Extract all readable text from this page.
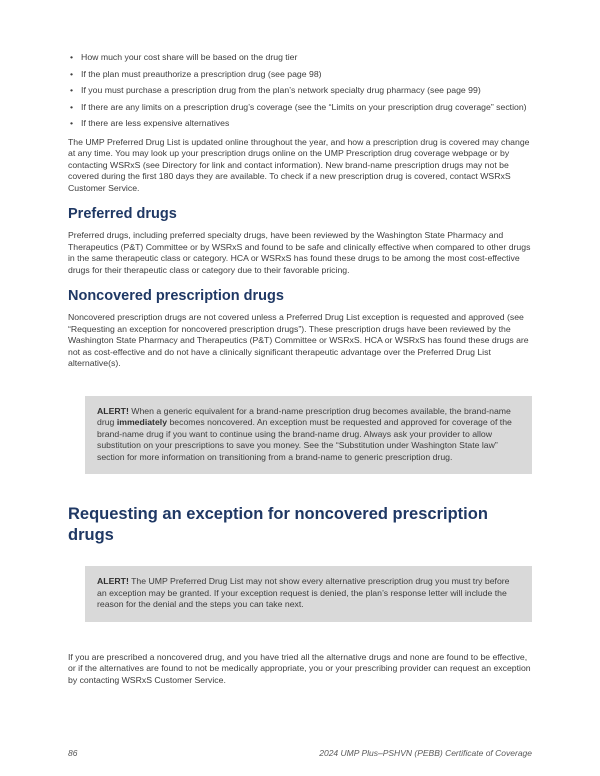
• How much your cost share will be based on the drug tier
• If the plan must preauthorize a prescription drug (see page 98)
• If you must purchase a prescription drug from the plan’s network specialty drug pharmacy (see page 99)
• If there are any limits on a prescription drug’s coverage (see the “Limits on your prescription drug coverage” section)
• If there are less expensive alternatives

The UMP Preferred Drug List is updated online throughout the year, and how a prescription drug is covered may change at any time. You may look up your prescription drugs online on the UMP Prescription drug coverage webpage or by contacting WSRxS (see Directory for link and contact information). New brand-name prescription drugs may not be covered during the first 180 days they are available. To check if a new prescription drug is covered, contact WSRxS Customer Service.

Preferred drugs

Preferred drugs, including preferred specialty drugs, have been reviewed by the Washington State Pharmacy and Therapeutics (P&T) Committee or by WSRxS and found to be safe and clinically effective when compared to other drugs in the same therapeutic class or category. HCA or WSRxS has found these drugs to be among the most cost-effective drugs for their therapeutic class or category due to their favorable pricing.

Noncovered prescription drugs

Noncovered prescription drugs are not covered unless a Preferred Drug List exception is requested and approved (see “Requesting an exception for noncovered prescription drugs”). These prescription drugs have been reviewed by the Washington State Pharmacy and Therapeutics (P&T) Committee or WSRxS. HCA or WSRxS has found these drugs are not as cost-effective and do not have a clinically significant therapeutic advantage over the Preferred Drug List alternative(s).

ALERT! When a generic equivalent for a brand-name prescription drug becomes available, the brand-name drug immediately becomes noncovered. An exception must be requested and approved for coverage of the brand-name drug if you want to continue using the brand-name drug. Always ask your provider to allow substitution on your prescriptions to save you money. See the “Substitution under Washington State law” section for more information on transitioning from a brand-name to generic prescription drug.

Requesting an exception for noncovered prescription drugs

ALERT! The UMP Preferred Drug List may not show every alternative prescription drug you must try before an exception may be granted. If your exception request is denied, the plan’s response letter will include the reason for the denial and the steps you can take next.

If you are prescribed a noncovered drug, and you have tried all the alternative drugs and none are found to be effective, or if the alternatives are found to not be medically appropriate, you or your prescribing provider can request an exception by contacting WSRxS Customer Service.

86	2024 UMP Plus–PSHVN (PEBB) Certificate of Coverage
